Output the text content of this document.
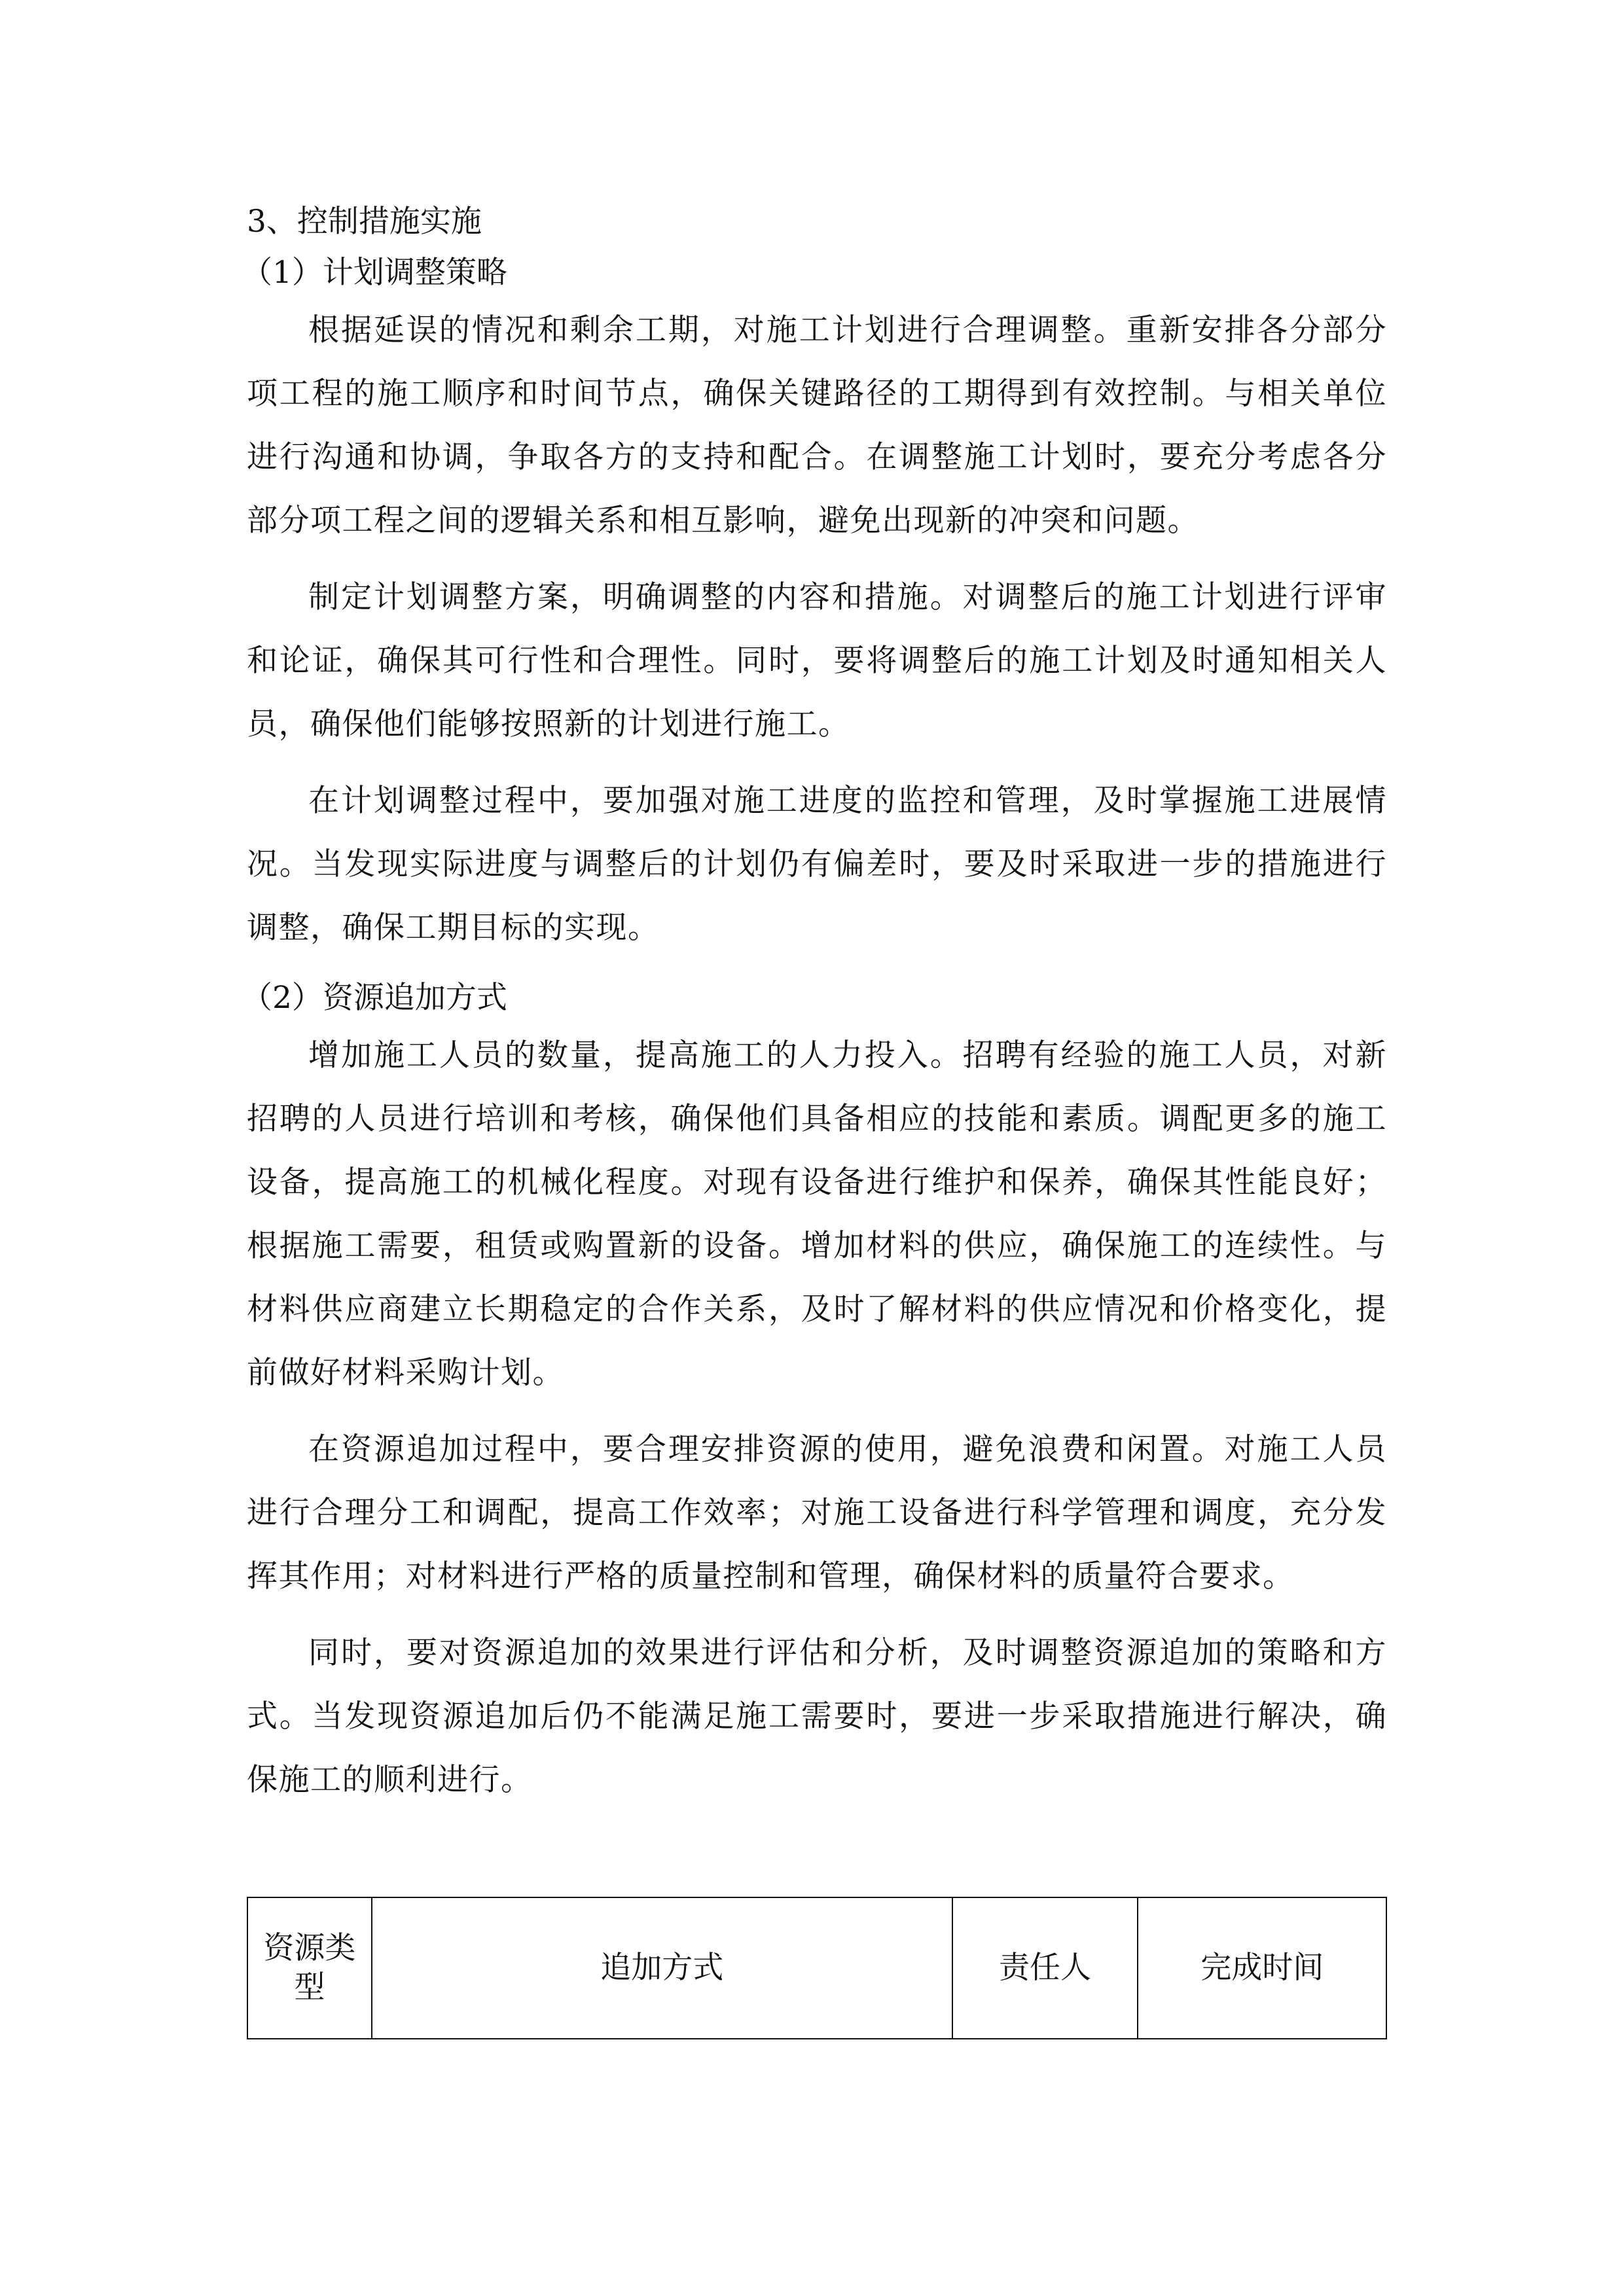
3、控制措施实施

（1）计划调整策略

根据延误的情况和剩余工期，对施工计划进行合理调整。重新安排各分部分项工程的施工顺序和时间节点，确保关键路径的工期得到有效控制。与相关单位进行沟通和协调，争取各方的支持和配合。在调整施工计划时，要充分考虑各分部分项工程之间的逻辑关系和相互影响，避免出现新的冲突和问题。

制定计划调整方案，明确调整的内容和措施。对调整后的施工计划进行评审和论证，确保其可行性和合理性。同时，要将调整后的施工计划及时通知相关人员，确保他们能够按照新的计划进行施工。

在计划调整过程中，要加强对施工进度的监控和管理，及时掌握施工进展情况。当发现实际进度与调整后的计划仍有偏差时，要及时采取进一步的措施进行调整，确保工期目标的实现。

（2）资源追加方式

增加施工人员的数量，提高施工的人力投入。招聘有经验的施工人员，对新招聘的人员进行培训和考核，确保他们具备相应的技能和素质。调配更多的施工设备，提高施工的机械化程度。对现有设备进行维护和保养，确保其性能良好；根据施工需要，租赁或购置新的设备。增加材料的供应，确保施工的连续性。与材料供应商建立长期稳定的合作关系，及时了解材料的供应情况和价格变化，提前做好材料采购计划。

在资源追加过程中，要合理安排资源的使用，避免浪费和闲置。对施工人员进行合理分工和调配，提高工作效率；对施工设备进行科学管理和调度，充分发挥其作用；对材料进行严格的质量控制和管理，确保材料的质量符合要求。

同时，要对资源追加的效果进行评估和分析，及时调整资源追加的策略和方式。当发现资源追加后仍不能满足施工需要时，要进一步采取措施进行解决，确保施工的顺利进行。

资源类型	追加方式	责任人	完成时间
